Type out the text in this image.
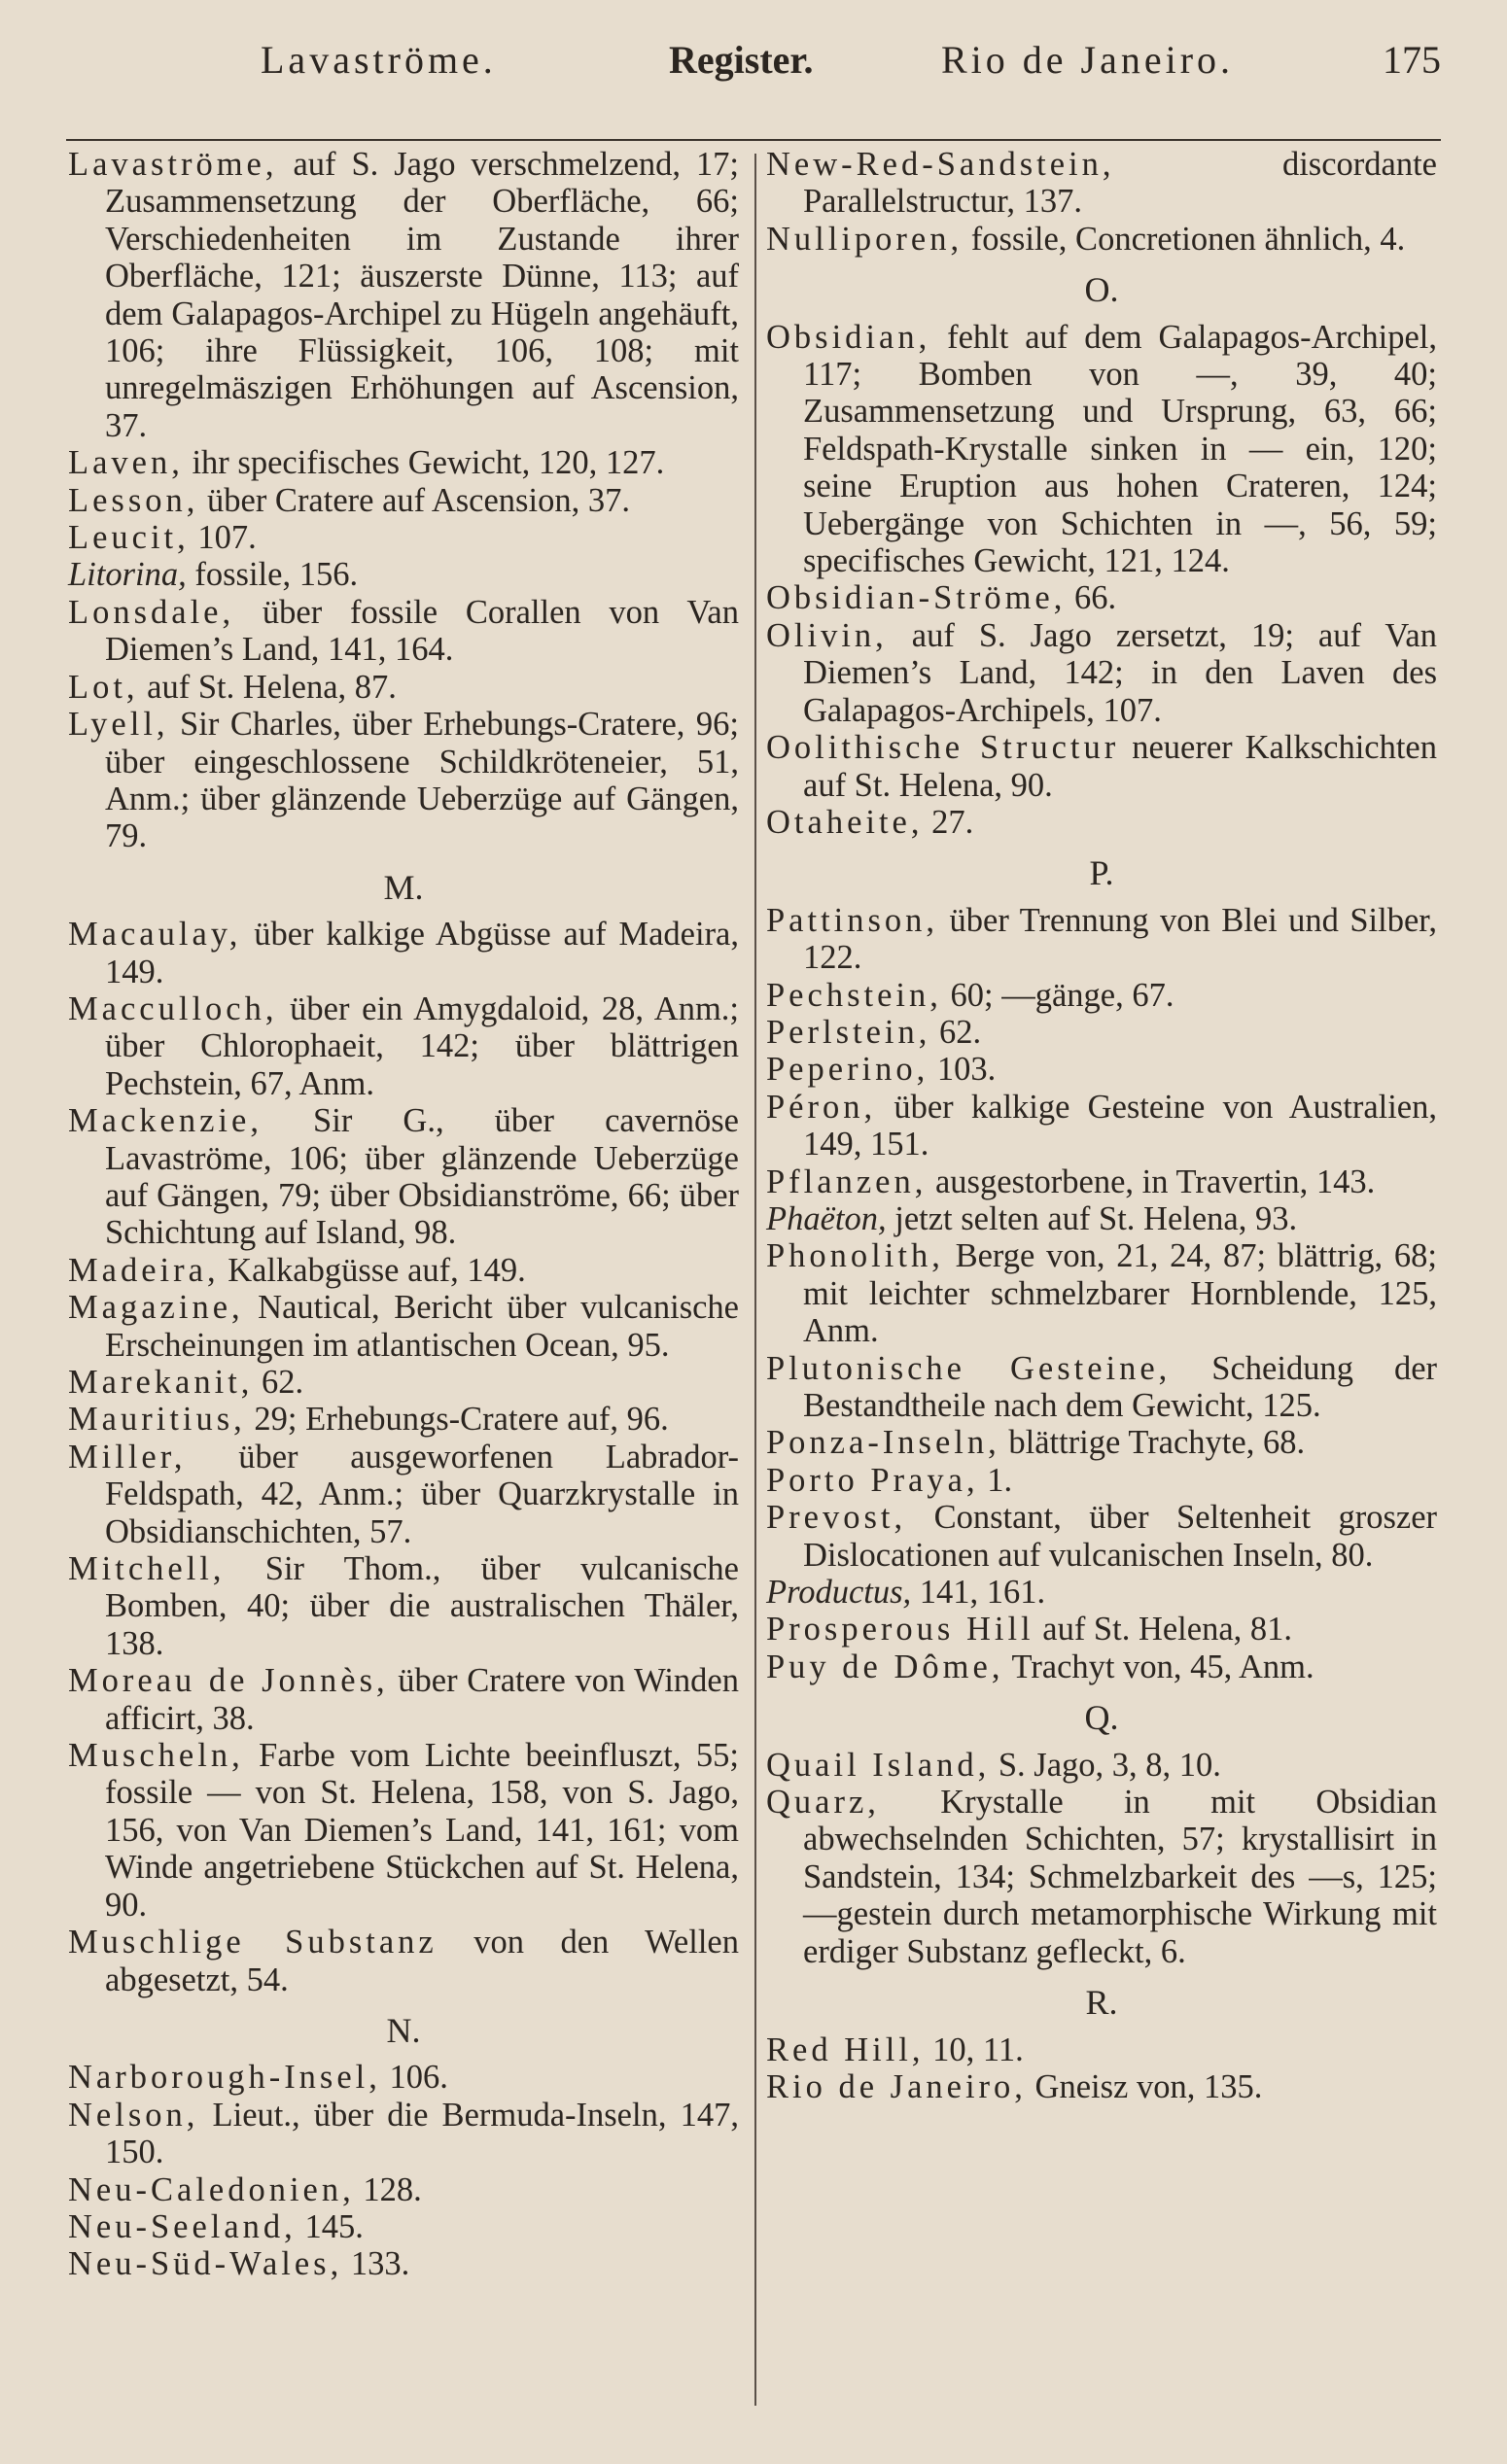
Lavaströme.	Register.	Rio de Janeiro.	175
Lavaströme, auf S. Jago verschmelzend, 17; Zusammensetzung der Oberfläche, 66; Verschiedenheiten im Zustande ihrer Oberfläche, 121; äuszerste Dünne, 113; auf dem Galapagos-Archipel zu Hügeln angehäuft, 106; ihre Flüssigkeit, 106, 108; mit unregelmäszigen Erhöhungen auf Ascension, 37.
Laven, ihr specifisches Gewicht, 120, 127.
Lesson, über Cratere auf Ascension, 37.
Leucit, 107.
Litorina, fossile, 156.
Lonsdale, über fossile Corallen von Van Diemen’s Land, 141, 164.
Lot, auf St. Helena, 87.
Lyell, Sir Charles, über Erhebungs-Cratere, 96; über eingeschlossene Schildkröteneier, 51, Anm.; über glänzende Ueberzüge auf Gängen, 79.
M.
Macaulay, über kalkige Abgüsse auf Madeira, 149.
Macculloch, über ein Amygdaloid, 28, Anm.; über Chlorophaeit, 142; über blättrigen Pechstein, 67, Anm.
Mackenzie, Sir G., über cavernöse Lavaströme, 106; über glänzende Ueberzüge auf Gängen, 79; über Obsidianströme, 66; über Schichtung auf Island, 98.
Madeira, Kalkabgüsse auf, 149.
Magazine, Nautical, Bericht über vulcanische Erscheinungen im atlantischen Ocean, 95.
Marekanit, 62.
Mauritius, 29; Erhebungs-Cratere auf, 96.
Miller, über ausgeworfenen Labrador-Feldspath, 42, Anm.; über Quarzkrystalle in Obsidianschichten, 57.
Mitchell, Sir Thom., über vulcanische Bomben, 40; über die australischen Thäler, 138.
Moreau de Jonnès, über Cratere von Winden afficirt, 38.
Muscheln, Farbe vom Lichte beeinfluszt, 55; fossile — von St. Helena, 158, von S. Jago, 156, von Van Diemen’s Land, 141, 161; vom Winde angetriebene Stückchen auf St. Helena, 90.
Muschlige Substanz von den Wellen abgesetzt, 54.
N.
Narborough-Insel, 106.
Nelson, Lieut., über die Bermuda-Inseln, 147, 150.
Neu-Caledonien, 128.
Neu-Seeland, 145.
Neu-Süd-Wales, 133.
New-Red-Sandstein, discordante Parallelstructur, 137.
Nulliporen, fossile, Concretionen ähnlich, 4.
O.
Obsidian, fehlt auf dem Galapagos-Archipel, 117; Bomben von —, 39, 40; Zusammensetzung und Ursprung, 63, 66; Feldspath-Krystalle sinken in — ein, 120; seine Eruption aus hohen Crateren, 124; Uebergänge von Schichten in —, 56, 59; specifisches Gewicht, 121, 124.
Obsidian-Ströme, 66.
Olivin, auf S. Jago zersetzt, 19; auf Van Diemen’s Land, 142; in den Laven des Galapagos-Archipels, 107.
Oolithische Structur neuerer Kalkschichten auf St. Helena, 90.
Otaheite, 27.
P.
Pattinson, über Trennung von Blei und Silber, 122.
Pechstein, 60; —gänge, 67.
Perlstein, 62.
Peperino, 103.
Péron, über kalkige Gesteine von Australien, 149, 151.
Pflanzen, ausgestorbene, in Travertin, 143.
Phaëton, jetzt selten auf St. Helena, 93.
Phonolith, Berge von, 21, 24, 87; blättrig, 68; mit leichter schmelzbarer Hornblende, 125, Anm.
Plutonische Gesteine, Scheidung der Bestandtheile nach dem Gewicht, 125.
Ponza-Inseln, blättrige Trachyte, 68.
Porto Praya, 1.
Prevost, Constant, über Seltenheit groszer Dislocationen auf vulcanischen Inseln, 80.
Productus, 141, 161.
Prosperous Hill auf St. Helena, 81.
Puy de Dôme, Trachyt von, 45, Anm.
Q.
Quail Island, S. Jago, 3, 8, 10.
Quarz, Krystalle in mit Obsidian abwechselnden Schichten, 57; krystallisirt in Sandstein, 134; Schmelzbarkeit des —s, 125; —gestein durch metamorphische Wirkung mit erdiger Substanz gefleckt, 6.
R.
Red Hill, 10, 11.
Rio de Janeiro, Gneisz von, 135.
